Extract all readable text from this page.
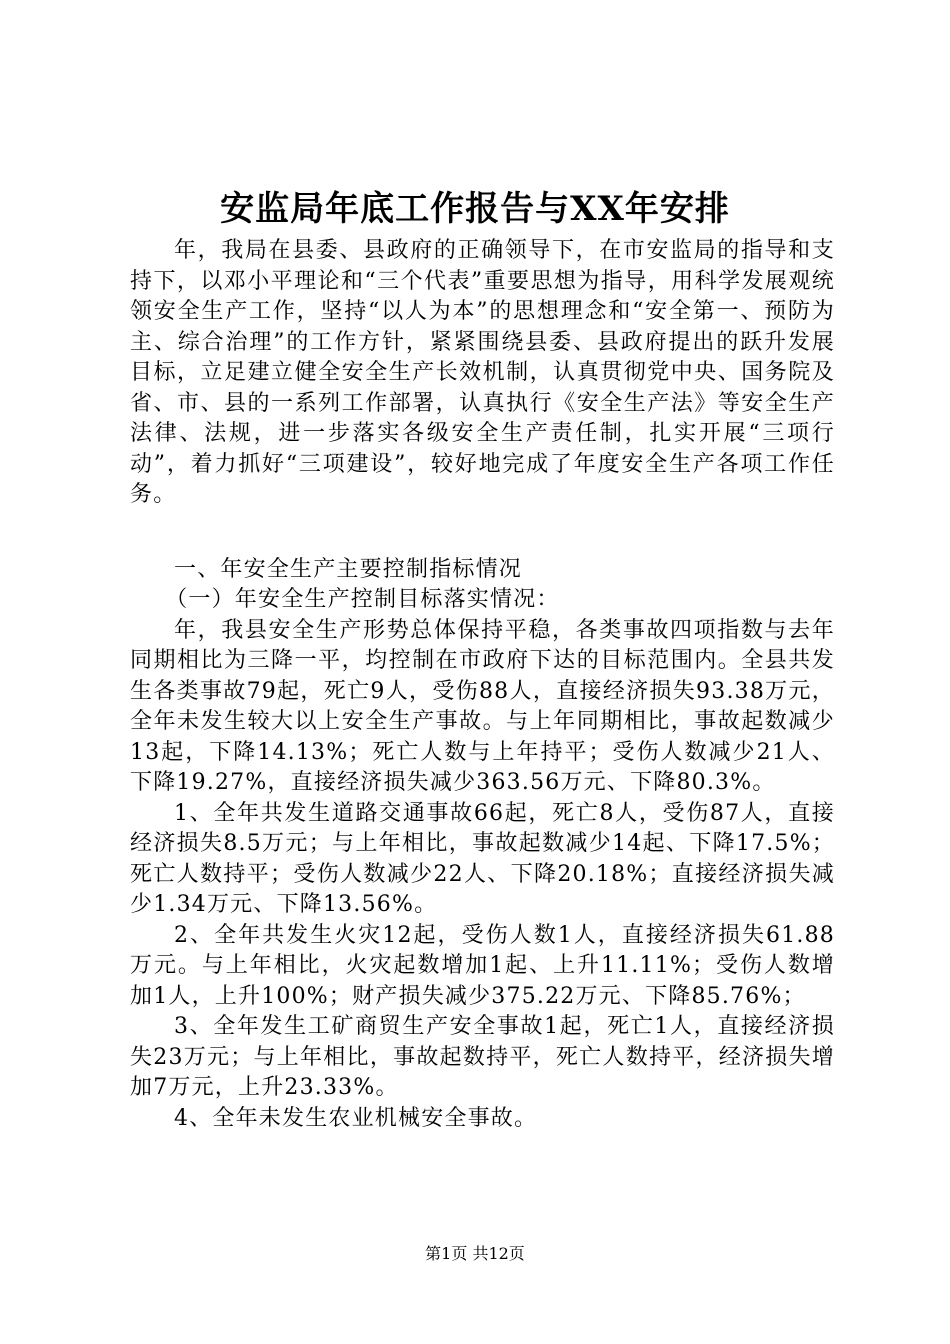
安监局年底工作报告与XX年安排

年，我局在县委、县政府的正确领导下，在市安监局的指导和支持下，以邓小平理论和“三个代表”重要思想为指导，用科学发展观统领安全生产工作，坚持“以人为本”的思想理念和“安全第一、预防为主、综合治理”的工作方针，紧紧围绕县委、县政府提出的跃升发展目标，立足建立健全安全生产长效机制，认真贯彻党中央、国务院及省、市、县的一系列工作部署，认真执行《安全生产法》等安全生产法律、法规，进一步落实各级安全生产责任制，扎实开展“三项行动”，着力抓好“三项建设”，较好地完成了年度安全生产各项工作任务。

一、年安全生产主要控制指标情况

（一）年安全生产控制目标落实情况：

年，我县安全生产形势总体保持平稳，各类事故四项指数与去年同期相比为三降一平，均控制在市政府下达的目标范围内。全县共发生各类事故79起，死亡9人，受伤88人，直接经济损失93.38万元，全年未发生较大以上安全生产事故。与上年同期相比，事故起数减少13起，下降14.13%；死亡人数与上年持平；受伤人数减少21人、下降19.27%，直接经济损失减少363.56万元、下降80.3%。

1、全年共发生道路交通事故66起，死亡8人，受伤87人，直接经济损失8.5万元；与上年相比，事故起数减少14起、下降17.5%；死亡人数持平；受伤人数减少22人、下降20.18%；直接经济损失减少1.34万元、下降13.56%。

2、全年共发生火灾12起，受伤人数1人，直接经济损失61.88万元。与上年相比，火灾起数增加1起、上升11.11%；受伤人数增加1人，上升100%；财产损失减少375.22万元、下降85.76%；

3、全年发生工矿商贸生产安全事故1起，死亡1人，直接经济损失23万元；与上年相比，事故起数持平，死亡人数持平，经济损失增加7万元，上升23.33%。

4、全年未发生农业机械安全事故。

第1页 共12页
